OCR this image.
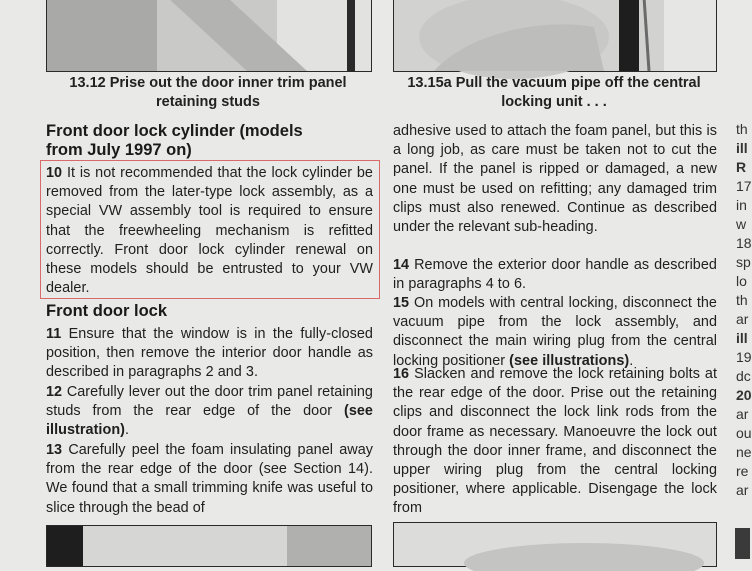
13.12 Prise out the door inner trim panel retaining studs
13.15a Pull the vacuum pipe off the central locking unit . . .
Front door lock cylinder (models from July 1997 on)
10 It is not recommended that the lock cylinder be removed from the later-type lock assembly, as a special VW assembly tool is required to ensure that the freewheeling mechanism is refitted correctly. Front door lock cylinder renewal on these models should be entrusted to your VW dealer.
Front door lock
11 Ensure that the window is in the fully-closed position, then remove the interior door handle as described in paragraphs 2 and 3.
12 Carefully lever out the door trim panel retaining studs from the rear edge of the door (see illustration).
13 Carefully peel the foam insulating panel away from the rear edge of the door (see Section 14). We found that a small trimming knife was useful to slice through the bead of
adhesive used to attach the foam panel, but this is a long job, as care must be taken not to cut the panel. If the panel is ripped or damaged, a new one must be used on refitting; any damaged trim clips must also renewed. Continue as described under the relevant sub-heading.
14 Remove the exterior door handle as described in paragraphs 4 to 6.
15 On models with central locking, disconnect the vacuum pipe from the lock assembly, and disconnect the main wiring plug from the central locking positioner (see illustrations).
16 Slacken and remove the lock retaining bolts at the rear edge of the door. Prise out the retaining clips and disconnect the lock link rods from the door frame as necessary. Manoeuvre the lock out through the door inner frame, and disconnect the upper wiring plug from the central locking positioner, where applicable. Disengage the lock from
th
ill
R
17
in
w
18
sp
lo
th
ar
ill
19
dc
20
ar
ou
ne
re
ar
